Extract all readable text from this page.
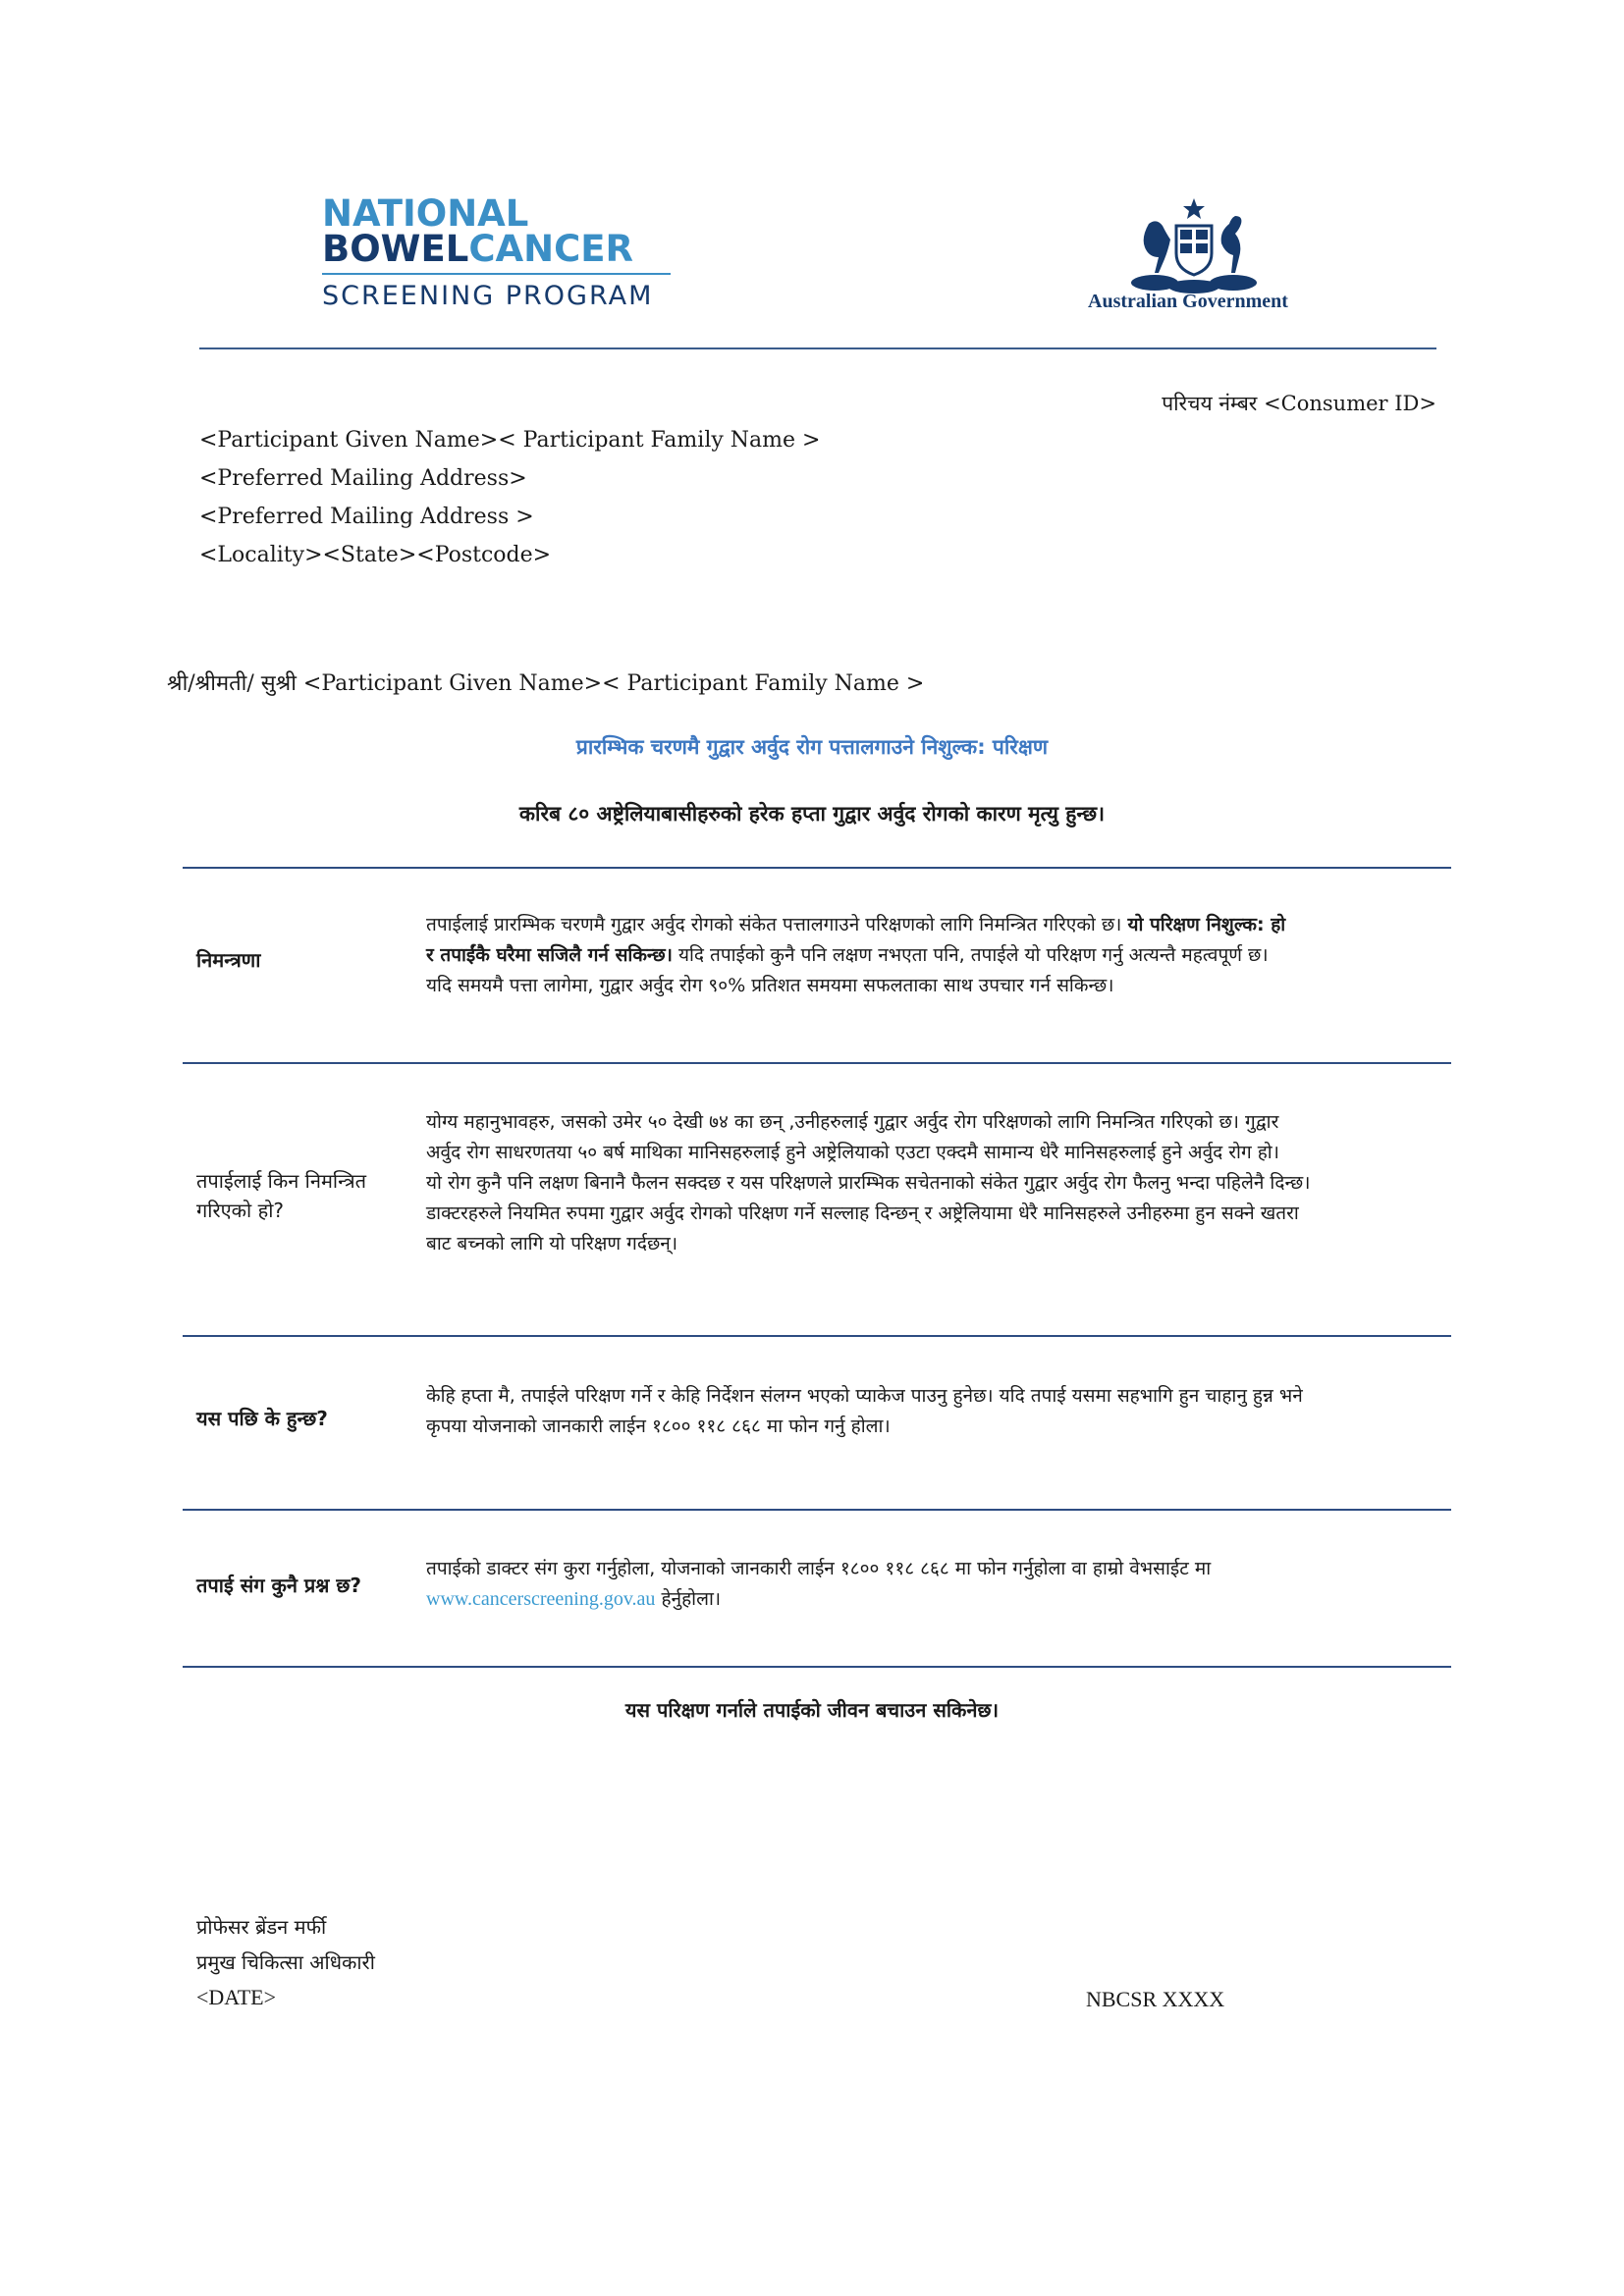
NATIONAL
BOWELCANCER
SCREENING PROGRAM	Australian Government
परिचय नंम्बर <Consumer ID>
<Participant Given Name>< Participant Family Name >
<Preferred Mailing Address>
<Preferred Mailing Address >
<Locality><State><Postcode>
श्री/श्रीमती/ सुश्री <Participant Given Name>< Participant Family Name >
प्रारम्भिक चरणमै गुद्वार अर्वुद रोग पत्तालगाउने निशुल्क: परिक्षण
करिब ८० अष्ट्रेलियाबासीहरुको हरेक हप्ता गुद्वार अर्वुद रोगको कारण मृत्यु हुन्छ।
निमन्त्रणा
तपाईलाई प्रारम्भिक चरणमै गुद्वार अर्वुद रोगको संकेत पत्तालगाउने परिक्षणको लागि निमन्त्रित गरिएको छ। यो परिक्षण निशुल्क: हो
र तपाईंकै घरैमा सजिलै गर्न सकिन्छ। यदि तपाईको कुनै पनि लक्षण नभएता पनि, तपाईले यो परिक्षण गर्नु अत्यन्तै महत्वपूर्ण छ।
यदि समयमै पत्ता लागेमा, गुद्वार अर्वुद रोग ९०% प्रतिशत समयमा सफलताका साथ उपचार गर्न सकिन्छ।
तपाईलाई किन निमन्त्रित
गरिएको हो?
योग्य महानुभावहरु, जसको उमेर ५० देखी ७४ का छन् ,उनीहरुलाई गुद्वार अर्वुद रोग परिक्षणको लागि निमन्त्रित गरिएको छ। गुद्वार
अर्वुद रोग साधरणतया ५० बर्ष माथिका मानिसहरुलाई हुने अष्ट्रेलियाको एउटा एक्दमै सामान्य धेरै मानिसहरुलाई हुने अर्वुद रोग हो।
यो रोग कुनै पनि लक्षण बिनानै फैलन सक्दछ र यस परिक्षणले प्रारम्भिक सचेतनाको संकेत गुद्वार अर्वुद रोग फैलनु भन्दा पहिलेनै दिन्छ।
डाक्टरहरुले नियमित रुपमा गुद्वार अर्वुद रोगको परिक्षण गर्ने सल्लाह दिन्छन् र अष्ट्रेलियामा धेरै मानिसहरुले उनीहरुमा हुन सक्ने खतरा
बाट बच्नको लागि यो परिक्षण गर्दछन्।
यस पछि के हुन्छ?
केहि हप्ता मै, तपाईले परिक्षण गर्ने र केहि निर्देशन संलग्न भएको प्याकेज पाउनु हुनेछ। यदि तपाई यसमा सहभागि हुन चाहानु हुन्न भने
कृपया योजनाको जानकारी लाईन १८०० ११८ ८६८ मा फोन गर्नु होला।
तपाई संग कुनै प्रश्न छ?
तपाईको डाक्टर संग कुरा गर्नुहोला, योजनाको जानकारी लाईन १८०० ११८ ८६८ मा फोन गर्नुहोला वा हाम्रो वेभसाईट मा
www.cancerscreening.gov.au हेर्नुहोला।
यस परिक्षण गर्नाले तपाईको जीवन बचाउन सकिनेछ।
प्रोफेसर ब्रेंडन मर्फी
प्रमुख चिकित्सा अधिकारी
<DATE>	NBCSR XXXX
